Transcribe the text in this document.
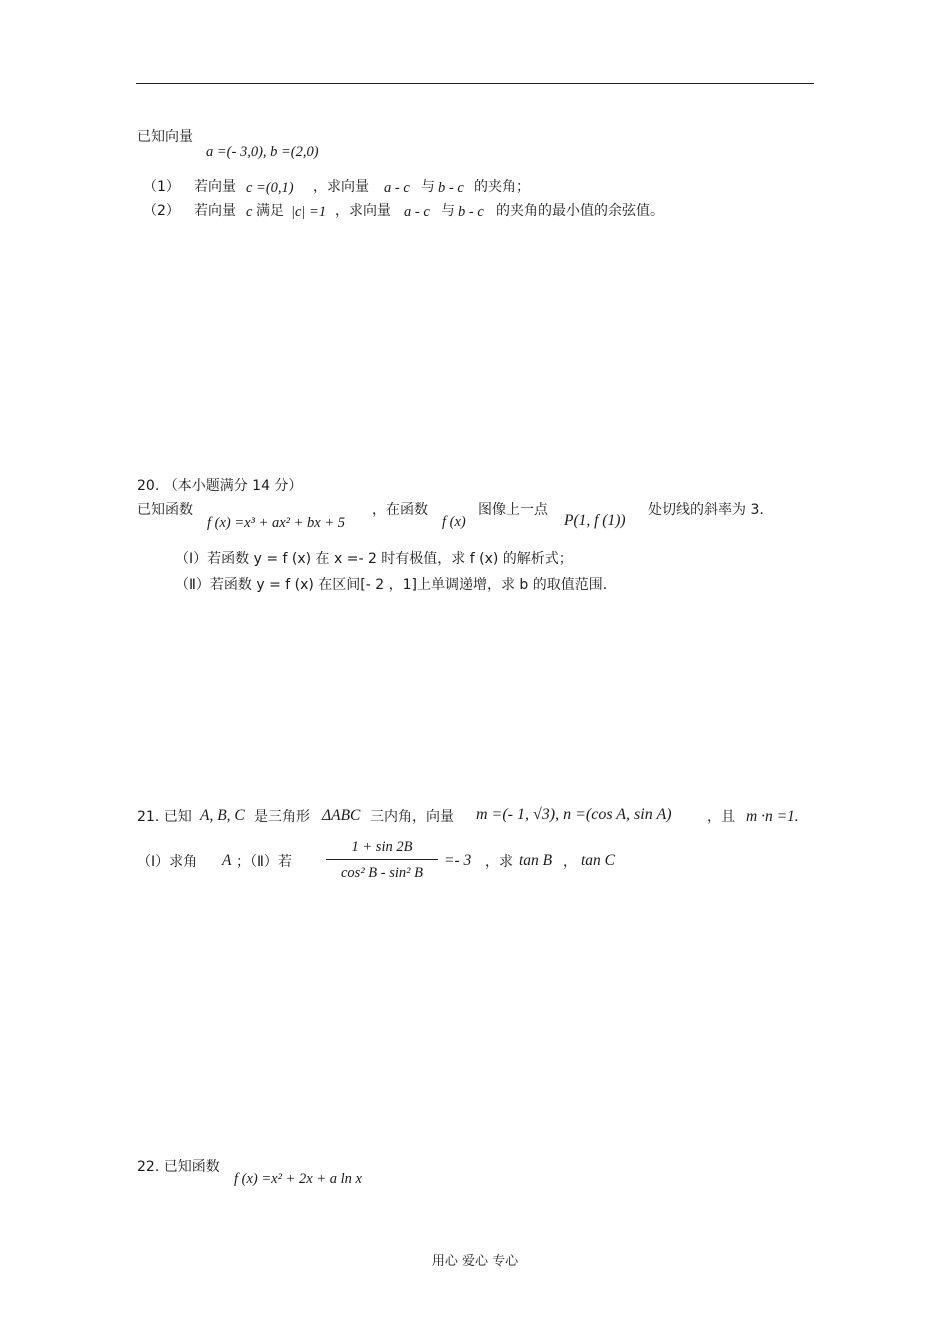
已知向量
a =(- 3,0), b =(2,0)
（1） 若向量 c =(0,1) ，求向量 a - c 与 b - c 的夹角；
（2） 若向量 c 满足 |c| =1 ，求向量 a - c 与 b - c 的夹角的最小值的余弦值。
20. （本小题满分 14 分）
已知函数
f (x) =x³ + ax² + bx + 5
，在函数
f (x)
图像上一点
P(1, f (1))
处切线的斜率为 3.
（Ⅰ）若函数 y = f (x) 在 x =- 2 时有极值，求 f (x) 的解析式；
（Ⅱ）若函数 y = f (x) 在区间[- 2 ，1]上单调递增，求 b 的取值范围．
21. 已知 A, B, C 是三角形 ΔABC 三内角，向量 m =(- 1, √3), n =(cos A, sin A)	，且 m ·n =1.
（Ⅰ）求角 A ；（Ⅱ）若
1 + sin 2B
cos² B - sin² B
=- 3 ，求 tan B ， tan C
22. 已知函数
f (x) =x² + 2x + a ln x
用心 爱心 专心
